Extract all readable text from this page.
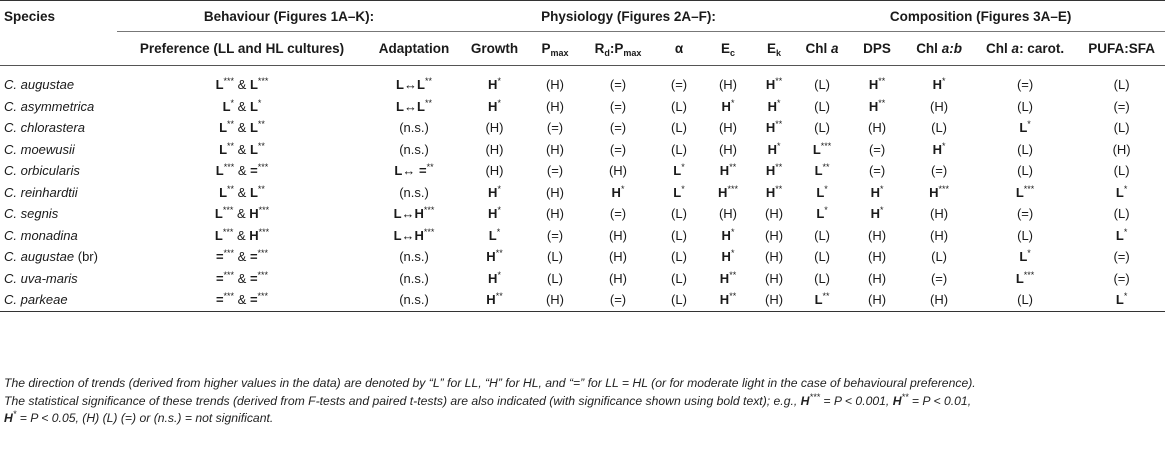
Species	Behaviour (Figures 1A–K):		Physiology (Figures 2A–F):						Composition (Figures 3A–E)				
	Preference (LL and HL cultures)	Adaptation	Growth	$P_{max}$	$R_d:P_{max}$	α	$E_c$	$E_k$	Chl a	DPS	Chl a:b	Chl a: carot.	PUFA:SFA

C. augustae	L*** & L***	L↔L**	H*	(H)	(=)	(=)	(H)	H**	(L)	H**	H*	(=)	(L)
C. asymmetrica	L* & L*	L↔L**	H*	(H)	(=)	(L)	H*	H*	(L)	H**	(H)	(L)	(=)
C. chlorastera	L** & L**	(n.s.)	(H)	(=)	(=)	(L)	(H)	H**	(L)	(H)	(L)	L*	(L)
C. moewusii	L** & L**	(n.s.)	(H)	(H)	(=)	(L)	(H)	H*	L***	(=)	H*	(L)	(H)
C. orbicularis	L*** & =***	L↔ =**	(H)	(=)	(H)	L*	H**	H**	L**	(=)	(=)	(L)	(L)
C. reinhardtii	L** & L**	(n.s.)	H*	(H)	H*	L*	H***	H**	L*	H*	H***	L***	L*
C. segnis	L*** & H***	L↔H***	H*	(H)	(=)	(L)	(H)	(H)	L*	H*	(H)	(=)	(L)
C. monadina	L*** & H***	L↔H***	L*	(=)	(H)	(L)	H*	(H)	(L)	(H)	(H)	(L)	L*
C. augustae (br)	=*** & =***	(n.s.)	H**	(L)	(H)	(L)	H*	(H)	(L)	(H)	(L)	L*	(=)
C. uva-maris	=*** & =***	(n.s.)	H*	(L)	(H)	(L)	H**	(H)	(L)	(H)	(=)	L***	(=)
C. parkeae	=*** & =***	(n.s.)	H**	(H)	(=)	(L)	H**	(H)	L**	(H)	(H)	(L)	L*
The direction of trends (derived from higher values in the data) are denoted by “L” for LL, “H” for HL, and “=” for LL = HL (or for moderate light in the case of behavioural preference).
The statistical significance of these trends (derived from F-tests and paired t-tests) are also indicated (with significance shown using bold text); e.g., H*** = P < 0.001, H** = P < 0.01,
H* = P < 0.05, (H) (L) (=) or (n.s.) = not significant.
